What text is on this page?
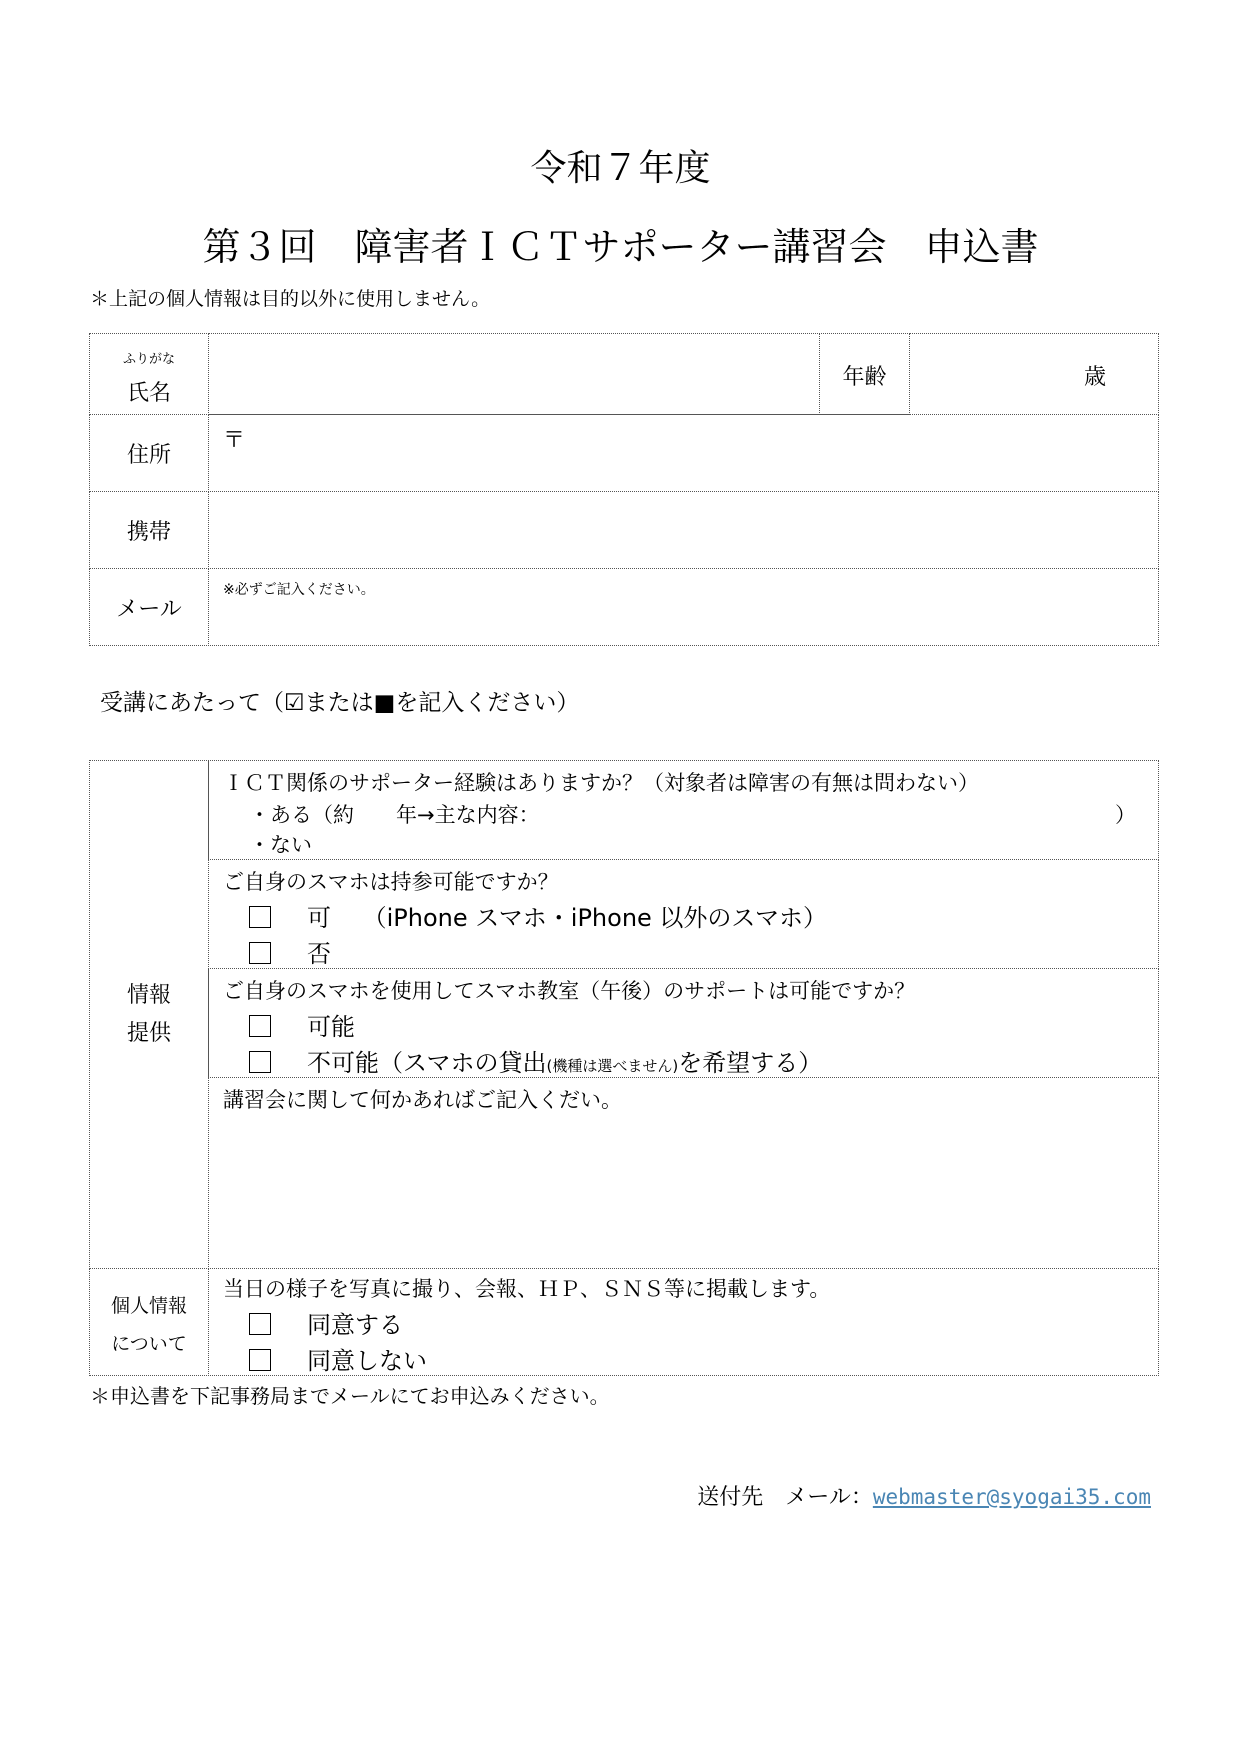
令和７年度
第３回　障害者ＩＣＴサポーター講習会　申込書
＊上記の個人情報は目的以外に使用しません。
ふりがな
氏名
年齢	歳
住所
〒
携帯
メール
※必ずご記入ください。
受講にあたって（☑または■を記入ください）
情報
提供
ＩＣＴ関係のサポーター経験はありますか？（対象者は障害の有無は問わない）
・ある（約　　年→主な内容：	）
・ない
ご自身のスマホは持参可能ですか？
可　 （iPhone スマホ・iPhone 以外のスマホ）
否
ご自身のスマホを使用してスマホ教室（午後）のサポートは可能ですか？
可能
不可能（スマホの貸出(機種は選べません)を希望する）
講習会に関して何かあればご記入くだい。
個人情報
について
当日の様子を写真に撮り、会報、ＨＰ、ＳＮＳ等に掲載します。
同意する
同意しない
＊申込書を下記事務局までメールにてお申込みください。
送付先　メール：webmaster@syogai35.com
